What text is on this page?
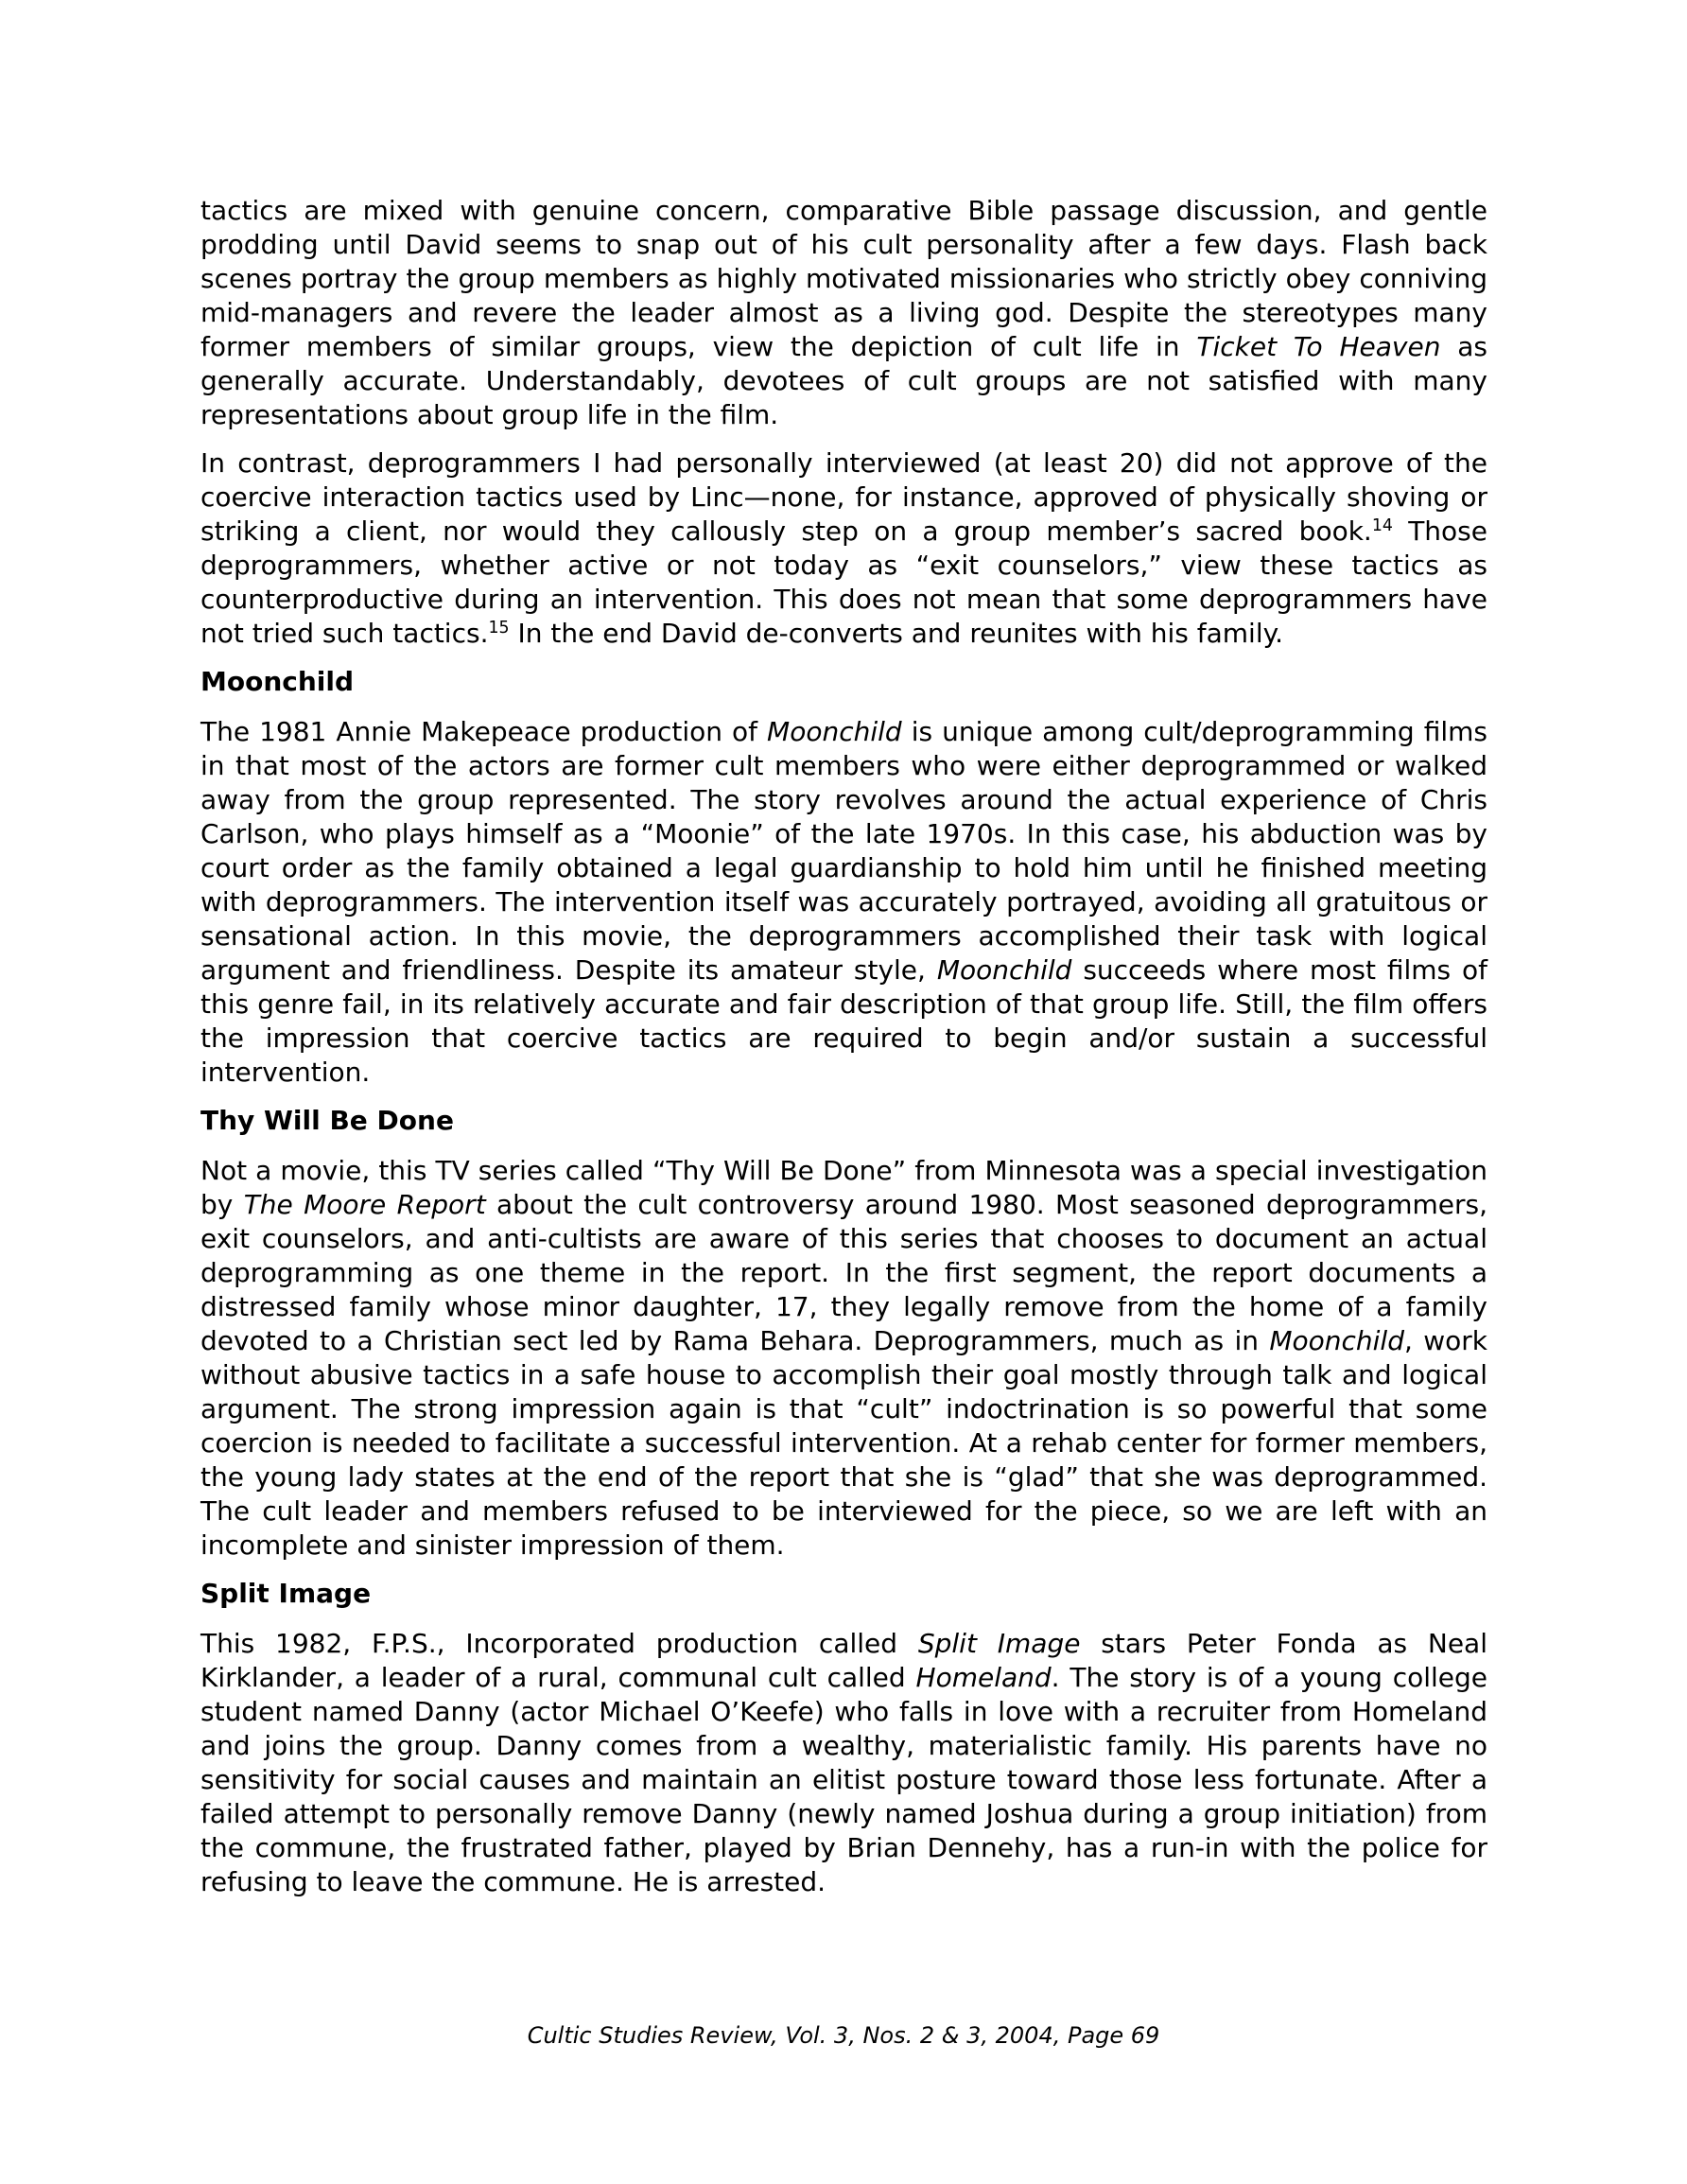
tactics are mixed with genuine concern, comparative Bible passage discussion, and gentle prodding until David seems to snap out of his cult personality after a few days. Flash back scenes portray the group members as highly motivated missionaries who strictly obey conniving mid-managers and revere the leader almost as a living god. Despite the stereotypes many former members of similar groups, view the depiction of cult life in Ticket To Heaven as generally accurate. Understandably, devotees of cult groups are not satisfied with many representations about group life in the film.

In contrast, deprogrammers I had personally interviewed (at least 20) did not approve of the coercive interaction tactics used by Linc—none, for instance, approved of physically shoving or striking a client, nor would they callously step on a group member’s sacred book.$^{14}$ Those deprogrammers, whether active or not today as “exit counselors,” view these tactics as counterproductive during an intervention. This does not mean that some deprogrammers have not tried such tactics.$^{15}$ In the end David de-converts and reunites with his family.

Moonchild

The 1981 Annie Makepeace production of Moonchild is unique among cult/deprogramming films in that most of the actors are former cult members who were either deprogrammed or walked away from the group represented. The story revolves around the actual experience of Chris Carlson, who plays himself as a “Moonie” of the late 1970s. In this case, his abduction was by court order as the family obtained a legal guardianship to hold him until he finished meeting with deprogrammers. The intervention itself was accurately portrayed, avoiding all gratuitous or sensational action. In this movie, the deprogrammers accomplished their task with logical argument and friendliness. Despite its amateur style, Moonchild succeeds where most films of this genre fail, in its relatively accurate and fair description of that group life. Still, the film offers the impression that coercive tactics are required to begin and/or sustain a successful intervention.

Thy Will Be Done

Not a movie, this TV series called “Thy Will Be Done” from Minnesota was a special investigation by The Moore Report about the cult controversy around 1980. Most seasoned deprogrammers, exit counselors, and anti-cultists are aware of this series that chooses to document an actual deprogramming as one theme in the report. In the first segment, the report documents a distressed family whose minor daughter, 17, they legally remove from the home of a family devoted to a Christian sect led by Rama Behara. Deprogrammers, much as in Moonchild, work without abusive tactics in a safe house to accomplish their goal mostly through talk and logical argument. The strong impression again is that “cult” indoctrination is so powerful that some coercion is needed to facilitate a successful intervention. At a rehab center for former members, the young lady states at the end of the report that she is “glad” that she was deprogrammed. The cult leader and members refused to be interviewed for the piece, so we are left with an incomplete and sinister impression of them.

Split Image

This 1982, F.P.S., Incorporated production called Split Image stars Peter Fonda as Neal Kirklander, a leader of a rural, communal cult called Homeland. The story is of a young college student named Danny (actor Michael O’Keefe) who falls in love with a recruiter from Homeland and joins the group. Danny comes from a wealthy, materialistic family. His parents have no sensitivity for social causes and maintain an elitist posture toward those less fortunate. After a failed attempt to personally remove Danny (newly named Joshua during a group initiation) from the commune, the frustrated father, played by Brian Dennehy, has a run-in with the police for refusing to leave the commune. He is arrested.

Cultic Studies Review, Vol. 3, Nos. 2 & 3, 2004, Page 69
